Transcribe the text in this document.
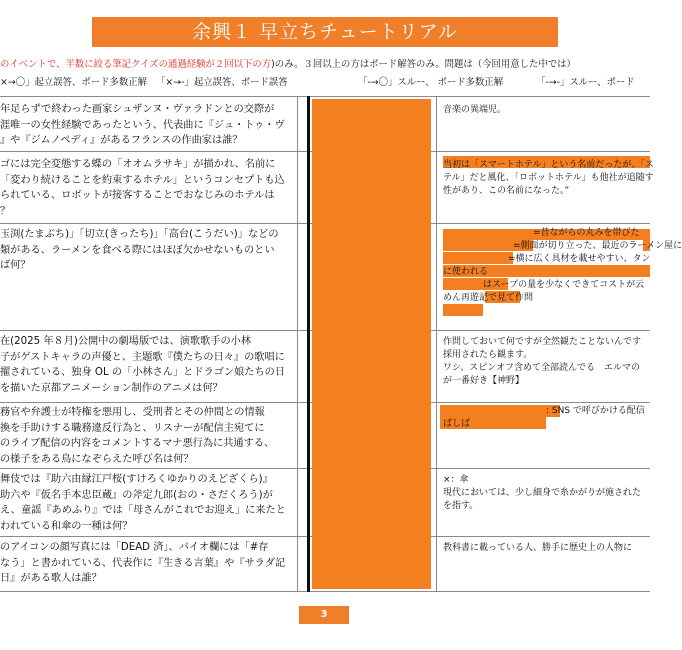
余興１ 早立ちチュートリアル
のイベントで、半数に絞る筆記クイズの通過経験が２回以下の方)のみ。３回以上の方はボード解答のみ。問題は（今回用意した中では）
×→〇」起立誤答、ボード多数正解 「×→-」起立誤答、ボード誤答	「-→〇」スルー、 ボード多数正解	「-→-」スルー、ボード
年足らずで終わった画家シュザンヌ・ヴァラドンとの交際が
涯唯一の女性経験であったという、代表曲に『ジュ・トゥ・ヴ
』や『ジムノペディ』があるフランスの作曲家は誰？
音楽の異端児。
ゴには完全変態する蝶の「オオムラサキ」が描かれ、名前に
「変わり続けることを約束するホテル」というコンセプトも込
られている、ロボットが接客することでおなじみのホテルは
？
当初は「スマートホテル」という名前だったが、「ス
テル」だと風化、「ロボットホテル」も他社が追随す
性があり、この名前になった。”
玉渕(たまぶち)」「切立(きったち)」「高台(こうだい)」などの
類がある、ラーメンを食べる際にはほぼ欠かせないものとい
ば何？
=昔ながらの丸みを帯びた
=側面が切り立った、最近のラーメン屋に
=横に広く具材を載せやすい、タン
に使われる
はスープの量を少なくできてコストが云
めん再遊記で見て作問
在(2025 年８月)公開中の劇場版では、演歌歌手の小林
子がゲストキャラの声優と、主題歌『僕たちの日々』の歌唱に
擢されている、独身 OL の「小林さん」とドラゴン娘たちの日
を描いた京都アニメーション制作のアニメは何？
作問しておいて何ですが全然観たことないんです
採用されたら観ます。
ワシ、スピンオフ含めて全部読んでる　エルマの
が一番好き【神野】
務官や弁護士が特権を悪用し、受刑者とその仲間との情報
換を手助けする職務違反行為と、リスナーが配信主宛てに
のライブ配信の内容をコメントするマナ悪行為に共通する、
の様子をある鳥になぞらえた呼び名は何？
: SNS で呼びかける配信
ばしば
舞伎では『助六由縁江戸桜(すけろくゆかりのえどざくら)』
助六や『仮名手本忠臣蔵』の斧定九郎(おの・さだくろう)が
え、童謡『あめふり』では「母さんがこれでお迎え」に来たと
われている和傘の一種は何？
×：傘
現代においては、少し細身で糸かがりが施された
を指す。
のアイコンの顔写真には「DEAD 済」、バイオ欄には「#存
なう」と書かれている、代表作に『生きる言葉』や『サラダ記
日』がある歌人は誰？
教科書に載っている人、勝手に歴史上の人物に
3
